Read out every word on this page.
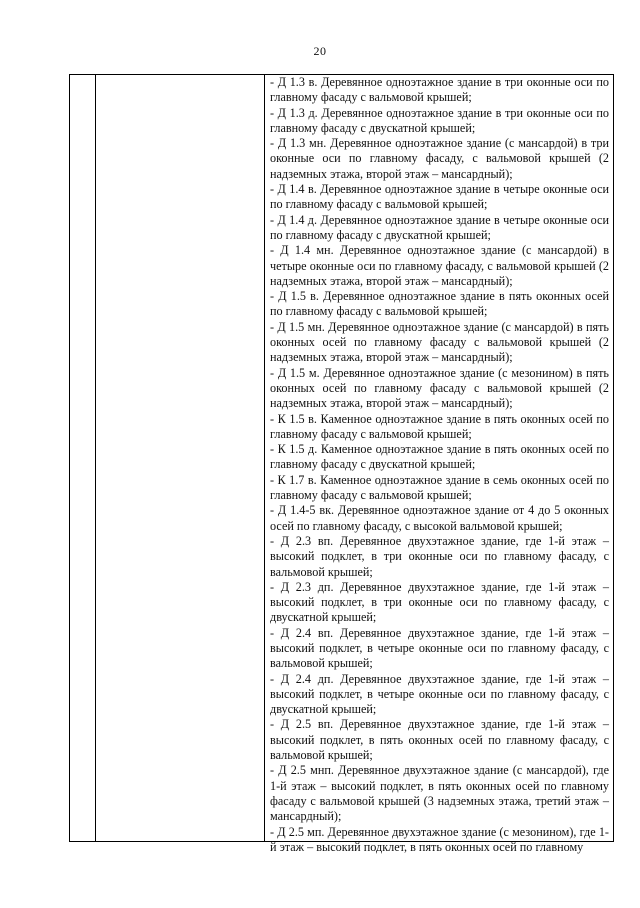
20

- Д 1.3 в. Деревянное одноэтажное здание в три оконные оси по главному фасаду с вальмовой крышей;

- Д 1.3 д. Деревянное одноэтажное здание в три оконные оси по главному фасаду с двускатной крышей;

- Д 1.3 мн. Деревянное одноэтажное здание (с мансардой) в три оконные оси по главному фасаду, с вальмовой крышей (2 надземных этажа, второй этаж – мансардный);

- Д 1.4 в. Деревянное одноэтажное здание в четыре оконные оси по главному фасаду с вальмовой крышей;

- Д 1.4 д. Деревянное одноэтажное здание в четыре оконные оси по главному фасаду с двускатной крышей;

- Д 1.4 мн. Деревянное одноэтажное здание (с мансардой) в четыре оконные оси по главному фасаду, с вальмовой крышей (2 надземных этажа, второй этаж – мансардный);

- Д 1.5 в. Деревянное одноэтажное здание в пять оконных осей по главному фасаду с вальмовой крышей;

- Д 1.5 мн. Деревянное одноэтажное здание (с мансардой) в пять оконных осей по главному фасаду с вальмовой крышей (2 надземных этажа, второй этаж – мансардный);

- Д 1.5 м. Деревянное одноэтажное здание (с мезонином) в пять оконных осей по главному фасаду с вальмовой крышей (2 надземных этажа, второй этаж – мансардный);

- К 1.5 в. Каменное одноэтажное здание в пять оконных осей по главному фасаду с вальмовой крышей;

- К 1.5 д. Каменное одноэтажное здание в пять оконных осей по главному фасаду с двускатной крышей;

- К 1.7 в. Каменное одноэтажное здание в семь оконных осей по главному фасаду с вальмовой крышей;

- Д 1.4-5 вк. Деревянное одноэтажное здание от 4 до 5 оконных осей по главному фасаду, с высокой вальмовой крышей;

- Д 2.3 вп. Деревянное двухэтажное здание, где 1-й этаж – высокий подклет, в три оконные оси по главному фасаду, с вальмовой крышей;

- Д 2.3 дп. Деревянное двухэтажное здание, где 1-й этаж – высокий подклет, в три оконные оси по главному фасаду, с двускатной крышей;

- Д 2.4 вп. Деревянное двухэтажное здание, где 1-й этаж – высокий подклет, в четыре оконные оси по главному фасаду, с вальмовой крышей;

- Д 2.4 дп. Деревянное двухэтажное здание, где 1-й этаж – высокий подклет, в четыре оконные оси по главному фасаду, с двускатной крышей;

- Д 2.5 вп. Деревянное двухэтажное здание, где 1-й этаж – высокий подклет, в пять оконных осей по главному фасаду, с вальмовой крышей;

- Д 2.5 мнп. Деревянное двухэтажное здание (с мансардой), где 1-й этаж – высокий подклет, в пять оконных осей по главному фасаду с вальмовой крышей (3 надземных этажа, третий этаж – мансардный);

- Д 2.5 мп. Деревянное двухэтажное здание (с мезонином), где 1-й этаж – высокий подклет, в пять оконных осей по главному
